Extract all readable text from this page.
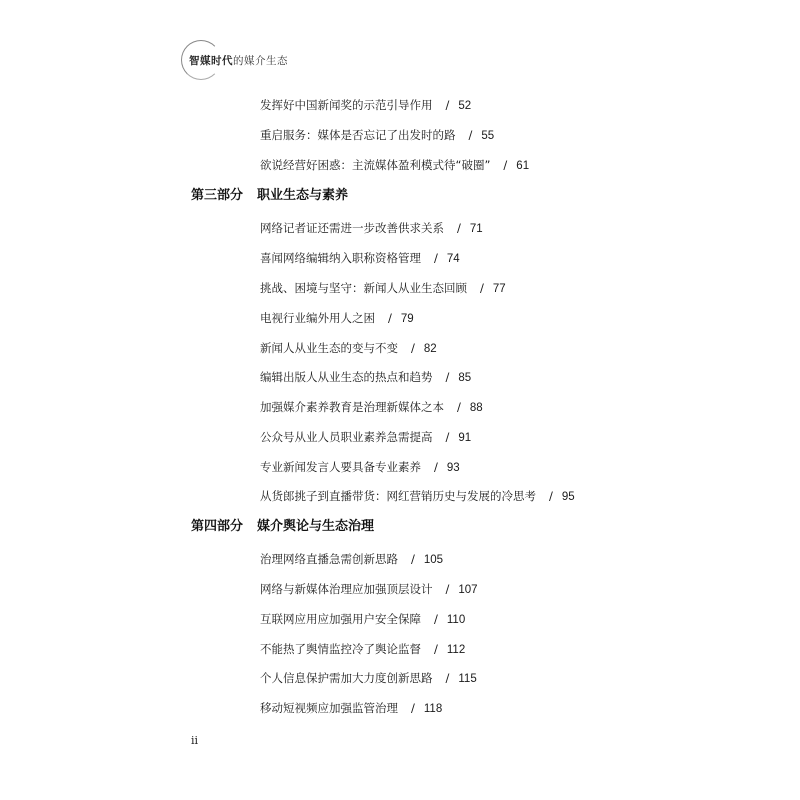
智媒时代 的媒介生态
发挥好中国新闻奖的示范引导作用 / 52
重启服务：媒体是否忘记了出发时的路 / 55
欲说经营好困惑：主流媒体盈利模式待“破圈” / 61
第三部分 职业生态与素养
网络记者证还需进一步改善供求关系 / 71
喜闻网络编辑纳入职称资格管理 / 74
挑战、困境与坚守：新闻人从业生态回顾 / 77
电视行业编外用人之困 / 79
新闻人从业生态的变与不变 / 82
编辑出版人从业生态的热点和趋势 / 85
加强媒介素养教育是治理新媒体之本 / 88
公众号从业人员职业素养急需提高 / 91
专业新闻发言人要具备专业素养 / 93
从货郎挑子到直播带货：网红营销历史与发展的冷思考 / 95
第四部分 媒介舆论与生态治理
治理网络直播急需创新思路 / 105
网络与新媒体治理应加强顶层设计 / 107
互联网应用应加强用户安全保障 / 110
不能热了舆情监控冷了舆论监督 / 112
个人信息保护需加大力度创新思路 / 115
移动短视频应加强监管治理 / 118
ii
